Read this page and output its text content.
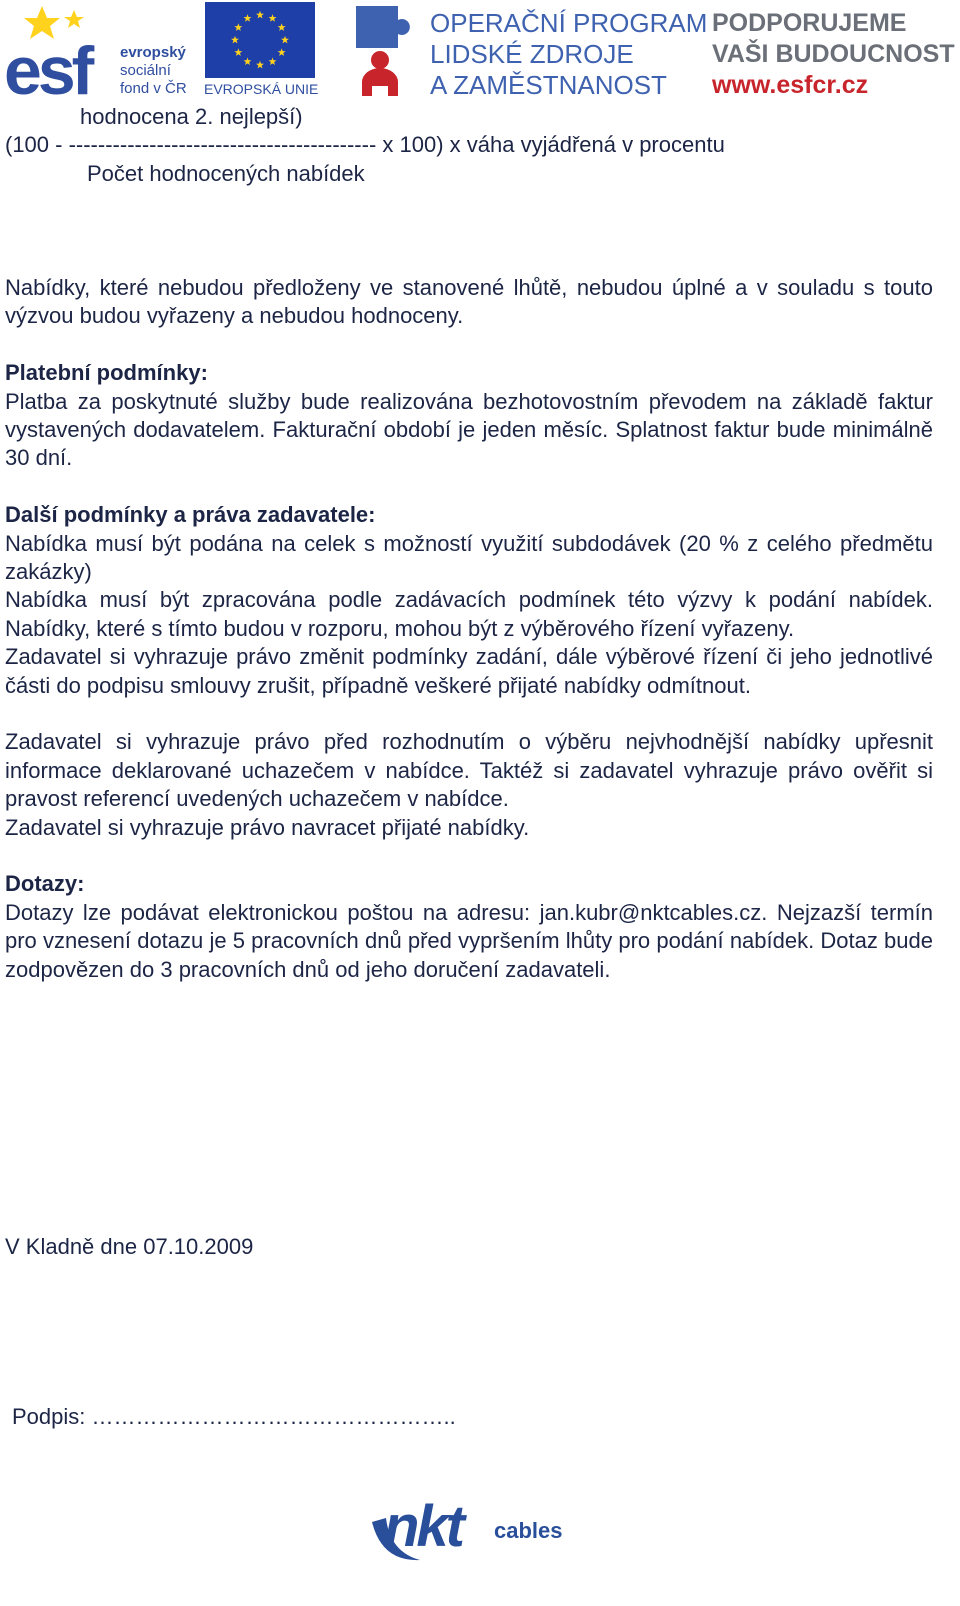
esf evropský
sociální
fond v ČR EVROPSKÁ UNIE
OPERAČNÍ PROGRAM
LIDSKÉ ZDROJE
A ZAMĚSTNANOST
PODPORUJEME
VAŠI BUDOUCNOST
www.esfcr.cz
hodnocena 2. nejlepší)
(100 - ------------------------------------------ x 100) x váha vyjádřená v procentu
Počet hodnocených nabídek

Nabídky, které nebudou předloženy ve stanovené lhůtě, nebudou úplné a v souladu s touto výzvou budou vyřazeny a nebudou hodnoceny.

Platební podmínky:

Platba za poskytnuté služby bude realizována bezhotovostním převodem na základě faktur vystavených dodavatelem. Fakturační období je jeden měsíc. Splatnost faktur bude minimálně 30 dní.

Další podmínky a práva zadavatele:

Nabídka musí být podána na celek s možností využití subdodávek (20 % z celého předmětu zakázky)

Nabídka musí být zpracována podle zadávacích podmínek této výzvy k podání nabídek. Nabídky, které s tímto budou v rozporu, mohou být z výběrového řízení vyřazeny.

Zadavatel si vyhrazuje právo změnit podmínky zadání, dále výběrové řízení či jeho jednotlivé části do podpisu smlouvy zrušit, případně veškeré přijaté nabídky odmítnout.

Zadavatel si vyhrazuje právo před rozhodnutím o výběru nejvhodnější nabídky upřesnit informace deklarované uchazečem v nabídce. Taktéž si zadavatel vyhrazuje právo ověřit si pravost referencí uvedených uchazečem v nabídce.

Zadavatel si vyhrazuje právo navracet přijaté nabídky.

Dotazy:

Dotazy lze podávat elektronickou poštou na adresu: jan.kubr@nktcables.cz. Nejzazší termín pro vznesení dotazu je 5 pracovních dnů před vypršením lhůty pro podání nabídek. Dotaz bude zodpovězen do 3 pracovních dnů od jeho doručení zadavateli.

V Kladně dne 07.10.2009
Podpis: …………………………………………..
nkt cables
